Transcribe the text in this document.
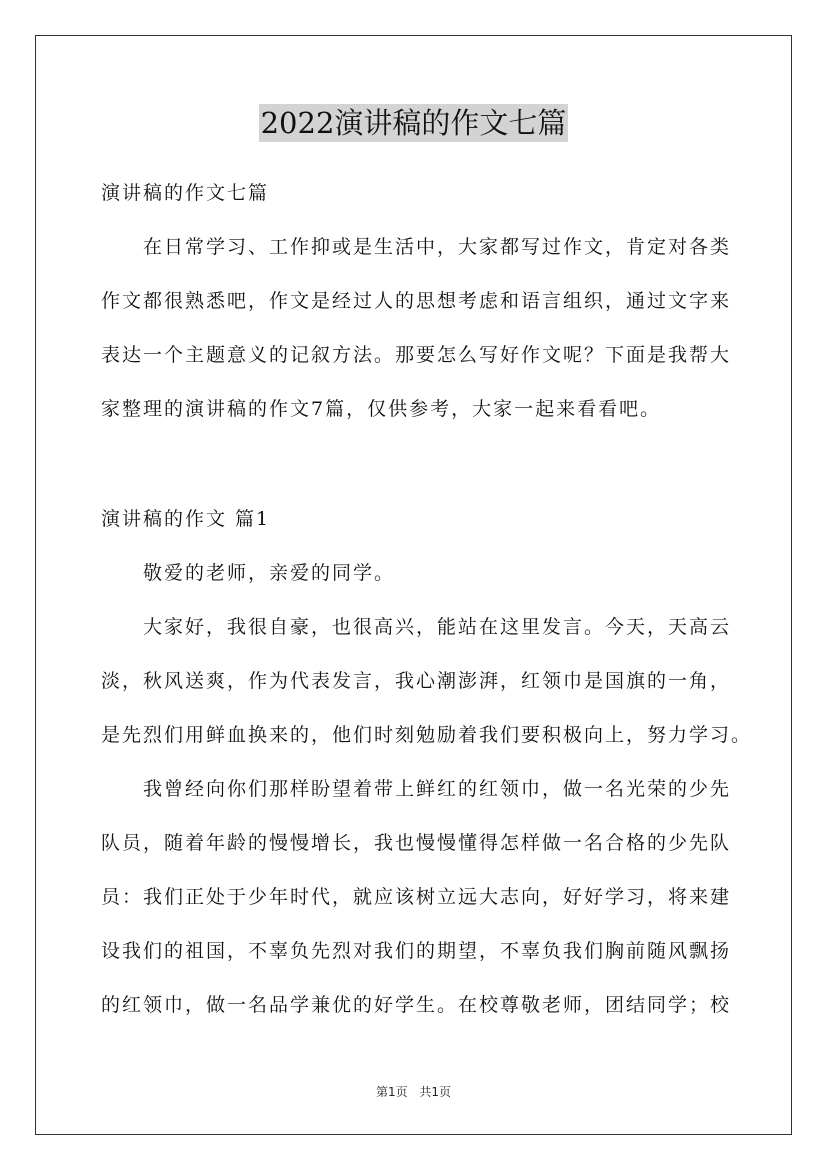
2022演讲稿的作文七篇
演讲稿的作文七篇
在日常学习、工作抑或是生活中，大家都写过作文，肯定对各类
作文都很熟悉吧，作文是经过人的思想考虑和语言组织，通过文字来
表达一个主题意义的记叙方法。那要怎么写好作文呢？下面是我帮大
家整理的演讲稿的作文7篇，仅供参考，大家一起来看看吧。
演讲稿的作文 篇1
敬爱的老师，亲爱的同学。
大家好，我很自豪，也很高兴，能站在这里发言。今天，天高云
淡，秋风送爽，作为代表发言，我心潮澎湃，红领巾是国旗的一角，
是先烈们用鲜血换来的，他们时刻勉励着我们要积极向上，努力学习。
我曾经向你们那样盼望着带上鲜红的红领巾，做一名光荣的少先
队员，随着年龄的慢慢增长，我也慢慢懂得怎样做一名合格的少先队
员：我们正处于少年时代，就应该树立远大志向，好好学习，将来建
设我们的祖国，不辜负先烈对我们的期望，不辜负我们胸前随风飘扬
的红领巾，做一名品学兼优的好学生。在校尊敬老师，团结同学；校
第1页 共1页
